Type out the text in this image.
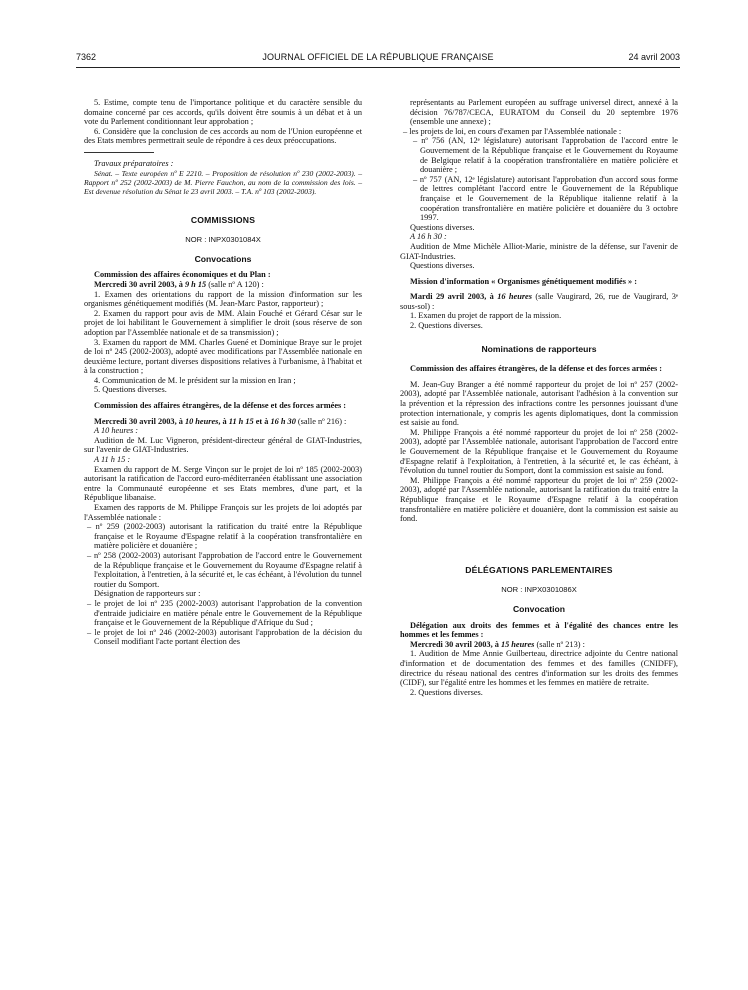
7362	JOURNAL OFFICIEL DE LA RÉPUBLIQUE FRANÇAISE	24 avril 2003

5. Estime, compte tenu de l'importance politique et du caractère sensible du domaine concerné par ces accords, qu'ils doivent être soumis à un débat et à un vote du Parlement conditionnant leur approbation ;

6. Considère que la conclusion de ces accords au nom de l'Union européenne et des Etats membres permettrait seule de répondre à ces deux préoccupations.

Travaux préparatoires :

Sénat. – Texte européen nº E 2210. – Proposition de résolution nº 230 (2002-2003). – Rapport nº 252 (2002-2003) de M. Pierre Fauchon, au nom de la commission des lois. – Est devenue résolution du Sénat le 23 avril 2003. – T.A. nº 103 (2002-2003).

COMMISSIONS

NOR : INPX0301084X

Convocations

Commission des affaires économiques et du Plan :

Mercredi 30 avril 2003, à 9 h 15 (salle nº A 120) :

1. Examen des orientations du rapport de la mission d'information sur les organismes génétiquement modifiés (M. Jean-Marc Pastor, rapporteur) ;

2. Examen du rapport pour avis de MM. Alain Fouché et Gérard César sur le projet de loi habilitant le Gouvernement à simplifier le droit (sous réserve de son adoption par l'Assemblée nationale et de sa transmission) ;

3. Examen du rapport de MM. Charles Guené et Dominique Braye sur le projet de loi nº 245 (2002-2003), adopté avec modifications par l'Assemblée nationale en deuxième lecture, portant diverses dispositions relatives à l'urbanisme, à l'habitat et à la construction ;

4. Communication de M. le président sur la mission en Iran ;

5. Questions diverses.

Commission des affaires étrangères, de la défense et des forces armées :

Mercredi 30 avril 2003, à 10 heures, à 11 h 15 et à 16 h 30 (salle nº 216) :

A 10 heures :

Audition de M. Luc Vigneron, président-directeur général de GIAT-Industries, sur l'avenir de GIAT-Industries.

A 11 h 15 :

Examen du rapport de M. Serge Vinçon sur le projet de loi nº 185 (2002-2003) autorisant la ratification de l'accord euro-méditerranéen établissant une association entre la Communauté européenne et ses Etats membres, d'une part, et la République libanaise.

Examen des rapports de M. Philippe François sur les projets de loi adoptés par l'Assemblée nationale :

– nº 259 (2002-2003) autorisant la ratification du traité entre la République française et le Royaume d'Espagne relatif à la coopération transfrontalière en matière policière et douanière ;

– nº 258 (2002-2003) autorisant l'approbation de l'accord entre le Gouvernement de la République française et le Gouvernement du Royaume d'Espagne relatif à l'exploitation, à l'entretien, à la sécurité et, le cas échéant, à l'évolution du tunnel routier du Somport.

Désignation de rapporteurs sur :

– le projet de loi nº 235 (2002-2003) autorisant l'approbation de la convention d'entraide judiciaire en matière pénale entre le Gouvernement de la République française et le Gouvernement de la République d'Afrique du Sud ;

– le projet de loi nº 246 (2002-2003) autorisant l'approbation de la décision du Conseil modifiant l'acte portant élection des

représentants au Parlement européen au suffrage universel direct, annexé à la décision 76/787/CECA, EURATOM du Conseil du 20 septembre 1976 (ensemble une annexe) ;

– les projets de loi, en cours d'examen par l'Assemblée nationale :

– nº 756 (AN, 12ᵉ législature) autorisant l'approbation de l'accord entre le Gouvernement de la République française et le Gouvernement du Royaume de Belgique relatif à la coopération transfrontalière en matière policière et douanière ;

– nº 757 (AN, 12ᵉ législature) autorisant l'approbation d'un accord sous forme de lettres complétant l'accord entre le Gouvernement de la République française et le Gouvernement de la République italienne relatif à la coopération transfrontalière en matière policière et douanière du 3 octobre 1997.

Questions diverses.

A 16 h 30 :

Audition de Mme Michèle Alliot-Marie, ministre de la défense, sur l'avenir de GIAT-Industries.

Questions diverses.

Mission d'information « Organismes génétiquement modifiés » :

Mardi 29 avril 2003, à 16 heures (salle Vaugirard, 26, rue de Vaugirard, 3ᵉ sous-sol) :

1. Examen du projet de rapport de la mission.

2. Questions diverses.

Nominations de rapporteurs

Commission des affaires étrangères, de la défense et des forces armées :

M. Jean-Guy Branger a été nommé rapporteur du projet de loi nº 257 (2002-2003), adopté par l'Assemblée nationale, autorisant l'adhésion à la convention sur la prévention et la répression des infractions contre les personnes jouissant d'une protection internationale, y compris les agents diplomatiques, dont la commission est saisie au fond.

M. Philippe François a été nommé rapporteur du projet de loi nº 258 (2002-2003), adopté par l'Assemblée nationale, autorisant l'approbation de l'accord entre le Gouvernement de la République française et le Gouvernement du Royaume d'Espagne relatif à l'exploitation, à l'entretien, à la sécurité et, le cas échéant, à l'évolution du tunnel routier du Somport, dont la commission est saisie au fond.

M. Philippe François a été nommé rapporteur du projet de loi nº 259 (2002-2003), adopté par l'Assemblée nationale, autorisant la ratification du traité entre la République française et le Royaume d'Espagne relatif à la coopération transfrontalière en matière policière et douanière, dont la commission est saisie au fond.

DÉLÉGATIONS PARLEMENTAIRES

NOR : INPX0301086X

Convocation

Délégation aux droits des femmes et à l'égalité des chances entre les hommes et les femmes :

Mercredi 30 avril 2003, à 15 heures (salle nº 213) :

1. Audition de Mme Annie Guilberteau, directrice adjointe du Centre national d'information et de documentation des femmes et des familles (CNIDFF), directrice du réseau national des centres d'information sur les droits des femmes (CIDF), sur l'égalité entre les hommes et les femmes en matière de retraite.

2. Questions diverses.
